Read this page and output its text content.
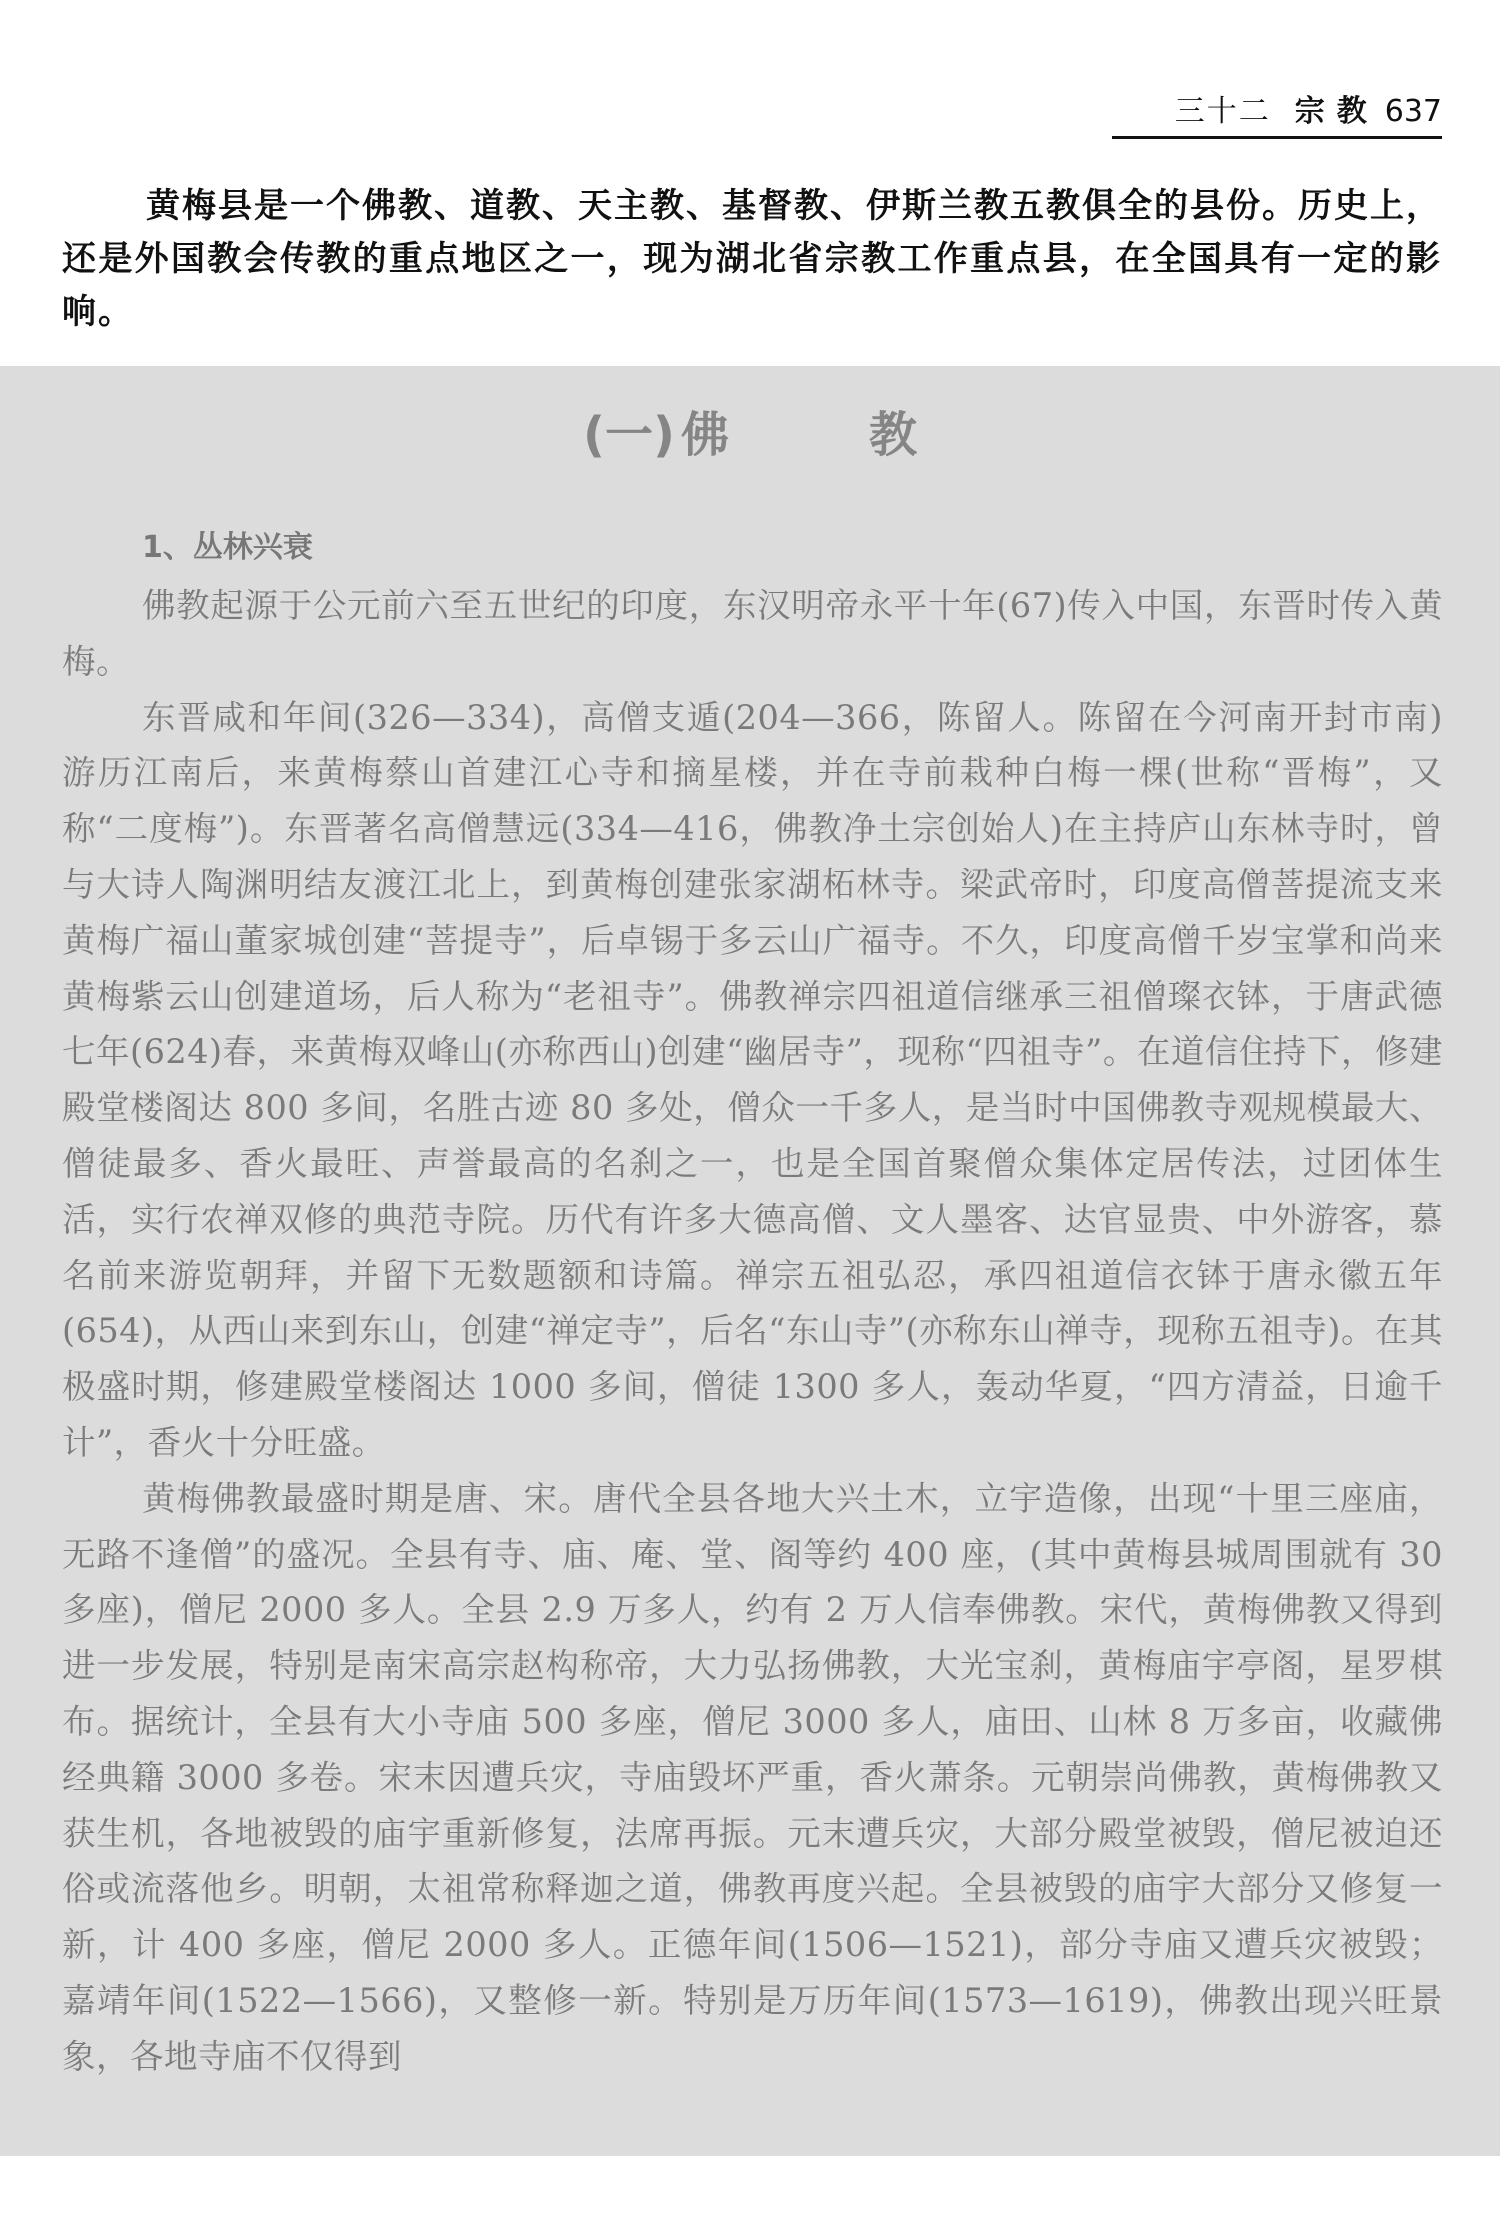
三十二 宗教 637

黄梅县是一个佛教、道教、天主教、基督教、伊斯兰教五教俱全的县份。历史上，还是外国教会传教的重点地区之一，现为湖北省宗教工作重点县，在全国具有一定的影响。

(一) 佛教
1、丛林兴衰

佛教起源于公元前六至五世纪的印度，东汉明帝永平十年(67)传入中国，东晋时传入黄梅。

东晋咸和年间(326—334)，高僧支遁(204—366，陈留人。陈留在今河南开封市南)游历江南后，来黄梅蔡山首建江心寺和摘星楼，并在寺前栽种白梅一棵(世称“晋梅”，又称“二度梅”)。东晋著名高僧慧远(334—416，佛教净土宗创始人)在主持庐山东林寺时，曾与大诗人陶渊明结友渡江北上，到黄梅创建张家湖柘林寺。梁武帝时，印度高僧菩提流支来黄梅广福山董家城创建“菩提寺”，后卓锡于多云山广福寺。不久，印度高僧千岁宝掌和尚来黄梅紫云山创建道场，后人称为“老祖寺”。佛教禅宗四祖道信继承三祖僧璨衣钵，于唐武德七年(624)春，来黄梅双峰山(亦称西山)创建“幽居寺”，现称“四祖寺”。在道信住持下，修建殿堂楼阁达 800 多间，名胜古迹 80 多处，僧众一千多人，是当时中国佛教寺观规模最大、僧徒最多、香火最旺、声誉最高的名刹之一，也是全国首聚僧众集体定居传法，过团体生活，实行农禅双修的典范寺院。历代有许多大德高僧、文人墨客、达官显贵、中外游客，慕名前来游览朝拜，并留下无数题额和诗篇。禅宗五祖弘忍，承四祖道信衣钵于唐永徽五年(654)，从西山来到东山，创建“禅定寺”，后名“东山寺”(亦称东山禅寺，现称五祖寺)。在其极盛时期，修建殿堂楼阁达 1000 多间，僧徒 1300 多人，轰动华夏，“四方清益，日逾千计”，香火十分旺盛。

黄梅佛教最盛时期是唐、宋。唐代全县各地大兴土木，立宇造像，出现“十里三座庙，无路不逢僧”的盛况。全县有寺、庙、庵、堂、阁等约 400 座，(其中黄梅县城周围就有 30 多座)，僧尼 2000 多人。全县 2.9 万多人，约有 2 万人信奉佛教。宋代，黄梅佛教又得到进一步发展，特别是南宋高宗赵构称帝，大力弘扬佛教，大光宝刹，黄梅庙宇亭阁，星罗棋布。据统计，全县有大小寺庙 500 多座，僧尼 3000 多人，庙田、山林 8 万多亩，收藏佛经典籍 3000 多卷。宋末因遭兵灾，寺庙毁坏严重，香火萧条。元朝崇尚佛教，黄梅佛教又获生机，各地被毁的庙宇重新修复，法席再振。元末遭兵灾，大部分殿堂被毁，僧尼被迫还俗或流落他乡。明朝，太祖常称释迦之道，佛教再度兴起。全县被毁的庙宇大部分又修复一新，计 400 多座，僧尼 2000 多人。正德年间(1506—1521)，部分寺庙又遭兵灾被毁；嘉靖年间(1522—1566)，又整修一新。特别是万历年间(1573—1619)，佛教出现兴旺景象，各地寺庙不仅得到
